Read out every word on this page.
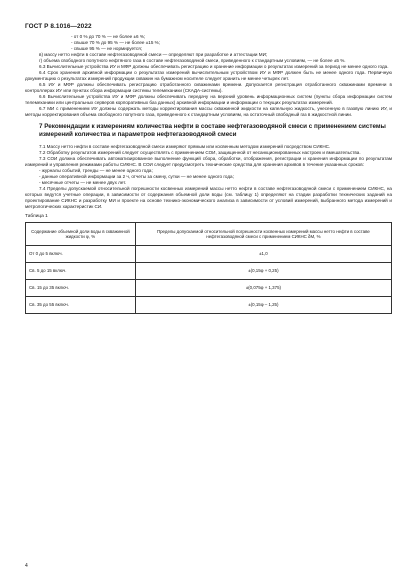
ГОСТ Р 8.1016—2022

- от 0 % до 70 % — не более ±6 %;

- свыше 70 % до 95 % — не более ±15 %;

- свыше 95 % — не нормируется;

в) массу нетто нефти в составе нефтегазоводяной смеси — определяют при разработке и аттестации МИ;

г) объема свободного попутного нефтяного газа в составе нефтегазоводяной смеси, приведенного к стандартным условиям, — не более ±5 %.

6.3 Вычислительные устройства ИУ и МФР должны обеспечивать регистрацию и хранение информации о результатах измерений за период не менее одного года.

6.4 Срок хранения архивной информации о результатах измерений вычислительным устройством ИУ и МФР должен быть не менее одного года. Первичную документацию о результатах измерений продукции скважин на бумажном носителе следует хранить не менее четырех лет.

6.5 ИУ и МФР должны обеспечивать регистрацию отработанного скважинами времени. Допускается регистрация отработанного скважинами времени в контроллерах ИУ или пунктах сбора информации системы телемеханики (СКАДА-системы).

6.6 Вычислительные устройства ИУ и МФР должны обеспечивать передачу на верхний уровень информационных систем (пункты сбора информации систем телемеханики или центральных серверов корпоративных баз данных) архивной информации и информации о текущих результатах измерений.

6.7 МИ с применением ИУ должны содержать методы корректирования массы скважинной жидкости на капельную жидкость, унесенную в газовую линию ИУ, и методы корректирования объема свободного попутного газа, приведенного к стандартным условиям, на остаточный свободный газ в жидкостной линии.

7 Рекомендации к измерениям количества нефти в составе нефтегазоводяной смеси с применением системы измерений количества и параметров нефтегазоводяной смеси

7.1 Массу нетто нефти в составе нефтегазоводяной смеси измеряют прямым или косвенным методом измерений посредством СИКНС.

7.2 Обработку результатов измерений следует осуществлять с применением СОИ, защищенной от несанкционированных настроек и вмешательства.

7.3 СОИ должна обеспечивать автоматизированное выполнение функций сбора, обработки, отображения, регистрации и хранения информации по результатам измерений и управления режимами работы СИКНС. В СОИ следует предусмотреть технические средства для хранения архивов в течение указанных сроков:

- журналы событий, тренды — не менее одного года;

- данные оперативной информации за 2 ч, отчеты за смену, сутки — не менее одного года;

- месячные отчеты — не менее двух лет.

7.4 Пределы допускаемой относительной погрешности косвенных измерений массы нетто нефти в составе нефтегазоводяной смеси с применением СИКНС, на которых ведутся учетные операции, в зависимости от содержания объемной доли воды (см. таблицу 1) определяют на стадии разработки технических заданий на проектирование СИКНС и разработку МИ и проекте на основе технико-экономического анализа в зависимости от условий измерений, выбранного метода измерений и метрологических характеристик СИ.

Таблица 1
Содержание объемной доли воды в скважинной жидкости φ, %	Пределы допускаемой относительной погрешности косвенных измерений массы нетто нефти в составе нефтегазоводяной смеси с применением СИКНС δМ, %
От 0 до 5 включ.	±1,0
Св. 5 до 15 включ.	±(0,15φ + 0,25)
Св. 15 до 35 включ.	±(0,075φ + 1,375)
Св. 35 до 55 включ.	±(0,15φ – 1,25)
4
